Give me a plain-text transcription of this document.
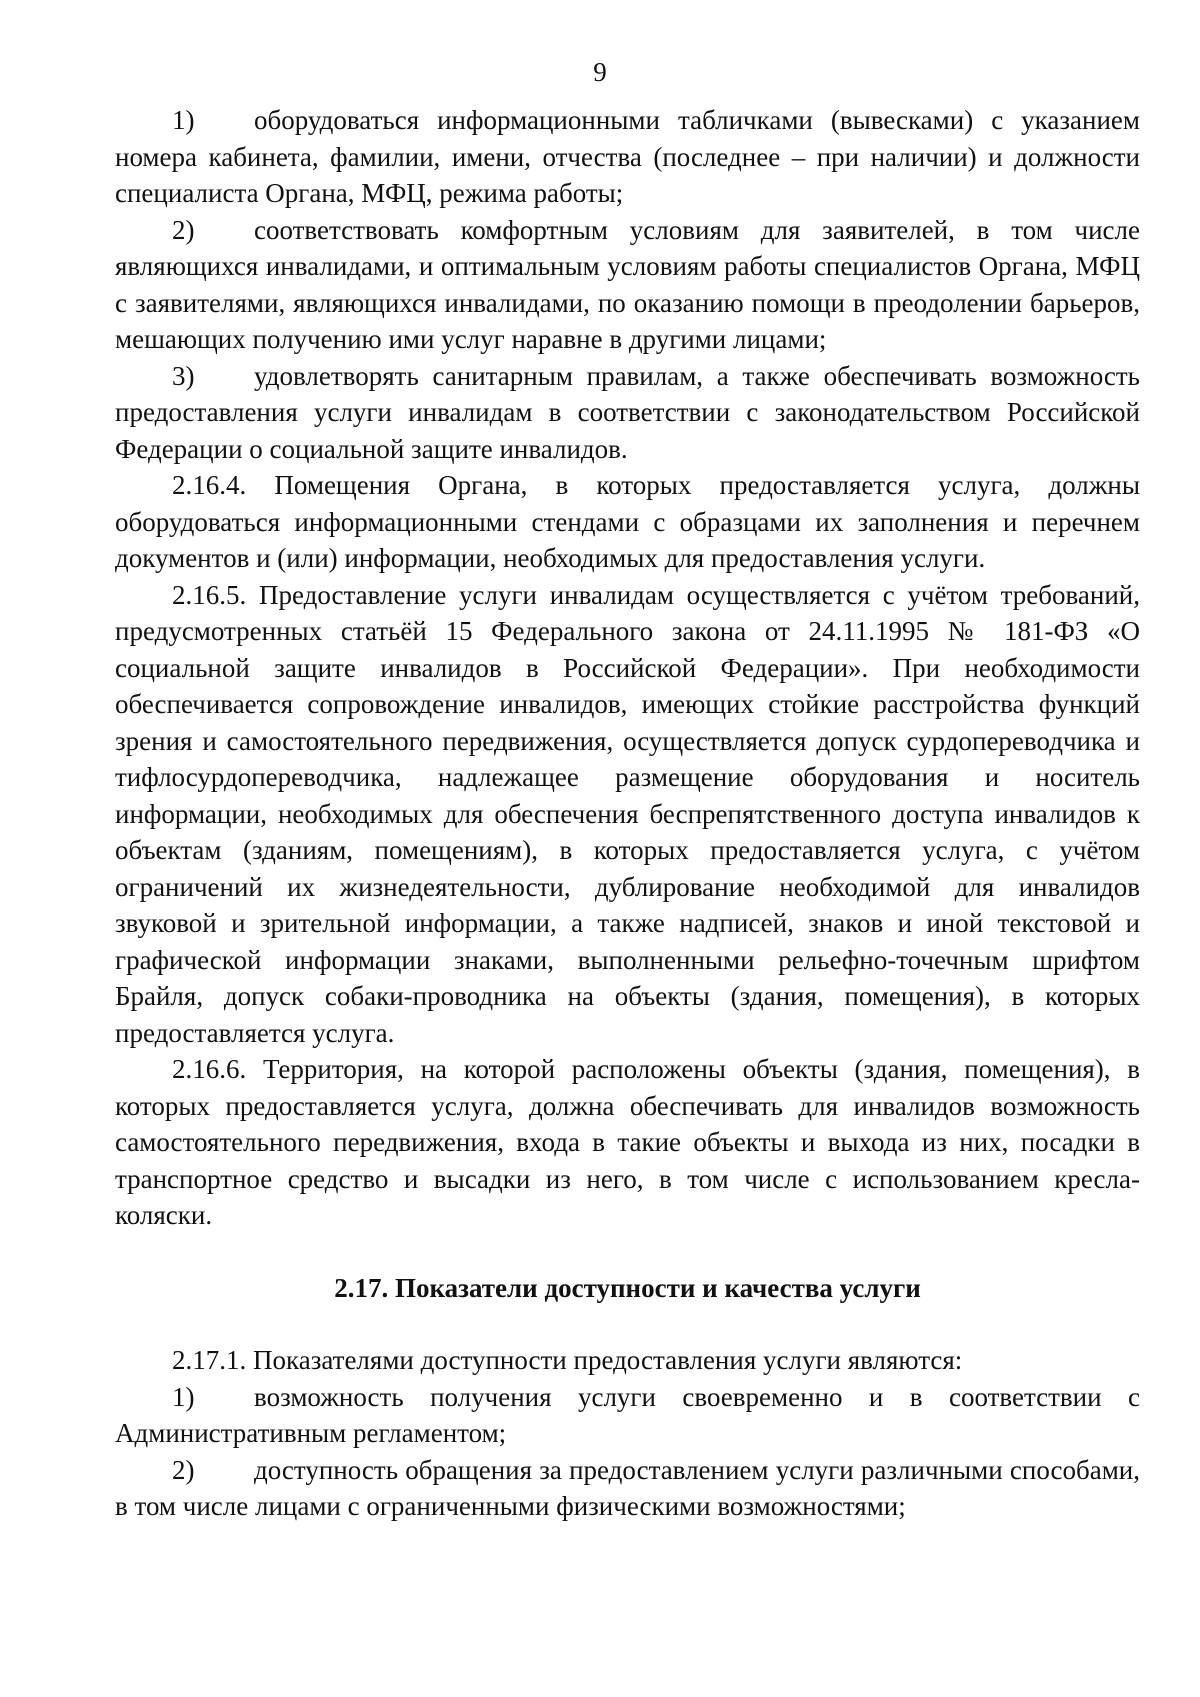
9

1) оборудоваться информационными табличками (вывесками) с указанием номера кабинета, фамилии, имени, отчества (последнее – при наличии) и должности специалиста Органа, МФЦ, режима работы;

2) соответствовать комфортным условиям для заявителей, в том числе являющихся инвалидами, и оптимальным условиям работы специалистов Органа, МФЦ с заявителями, являющихся инвалидами, по оказанию помощи в преодолении барьеров, мешающих получению ими услуг наравне в другими лицами;

3) удовлетворять санитарным правилам, а также обеспечивать возможность предоставления услуги инвалидам в соответствии с законодательством Российской Федерации о социальной защите инвалидов.

2.16.4. Помещения Органа, в которых предоставляется услуга, должны оборудоваться информационными стендами с образцами их заполнения и перечнем документов и (или) информации, необходимых для предоставления услуги.

2.16.5. Предоставление услуги инвалидам осуществляется с учётом требований, предусмотренных статьёй 15 Федерального закона от 24.11.1995 № 181-ФЗ «О социальной защите инвалидов в Российской Федерации». При необходимости обеспечивается сопровождение инвалидов, имеющих стойкие расстройства функций зрения и самостоятельного передвижения, осуществляется допуск сурдопереводчика и тифлосурдопереводчика, надлежащее размещение оборудования и носитель информации, необходимых для обеспечения беспрепятственного доступа инвалидов к объектам (зданиям, помещениям), в которых предоставляется услуга, с учётом ограничений их жизнедеятельности, дублирование необходимой для инвалидов звуковой и зрительной информации, а также надписей, знаков и иной текстовой и графической информации знаками, выполненными рельефно-точечным шрифтом Брайля, допуск собаки-проводника на объекты (здания, помещения), в которых предоставляется услуга.

2.16.6. Территория, на которой расположены объекты (здания, помещения), в которых предоставляется услуга, должна обеспечивать для инвалидов возможность самостоятельного передвижения, входа в такие объекты и выхода из них, посадки в транспортное средство и высадки из него, в том числе с использованием кресла-коляски.

2.17. Показатели доступности и качества услуги

2.17.1. Показателями доступности предоставления услуги являются:

1) возможность получения услуги своевременно и в соответствии с Административным регламентом;

2) доступность обращения за предоставлением услуги различными способами, в том числе лицами с ограниченными физическими возможностями;
